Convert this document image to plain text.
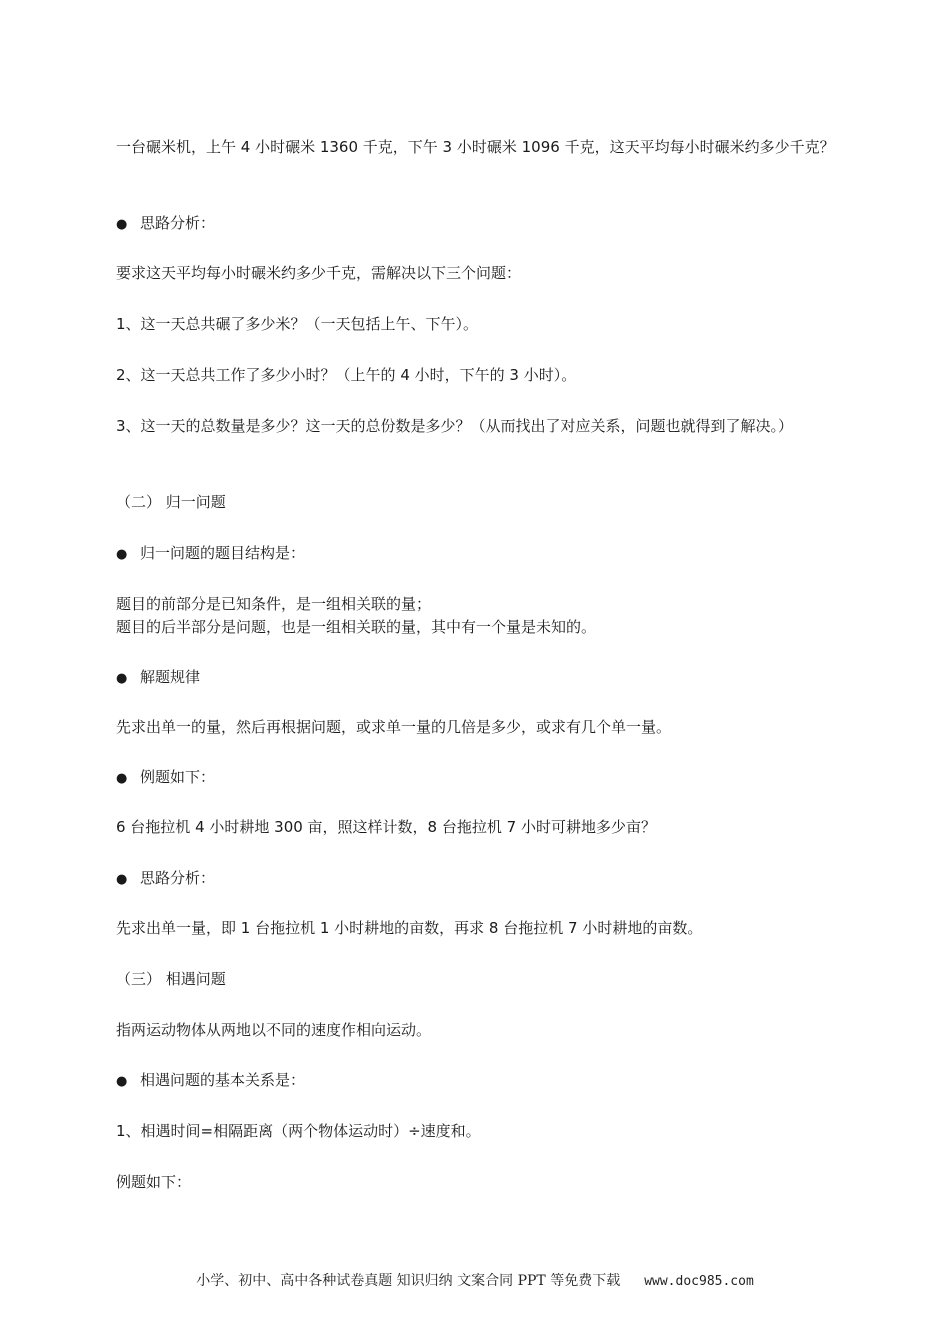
一台碾米机，上午 4 小时碾米 1360 千克，下午 3 小时碾米 1096 千克，这天平均每小时碾米约多少千克？

● 思路分析：

要求这天平均每小时碾米约多少千克，需解决以下三个问题：

1、这一天总共碾了多少米？（一天包括上午、下午）。

2、这一天总共工作了多少小时？（上午的 4 小时，下午的 3 小时）。

3、这一天的总数量是多少？这一天的总份数是多少？（从而找出了对应关系，问题也就得到了解决。）

（二） 归一问题

● 归一问题的题目结构是：

题目的前部分是已知条件，是一组相关联的量；

题目的后半部分是问题，也是一组相关联的量，其中有一个量是未知的。

● 解题规律

先求出单一的量，然后再根据问题，或求单一量的几倍是多少，或求有几个单一量。

● 例题如下：

6 台拖拉机 4 小时耕地 300 亩，照这样计数，8 台拖拉机 7 小时可耕地多少亩？

● 思路分析：

先求出单一量，即 1 台拖拉机 1 小时耕地的亩数，再求 8 台拖拉机 7 小时耕地的亩数。

（三） 相遇问题

指两运动物体从两地以不同的速度作相向运动。

● 相遇问题的基本关系是：

1、相遇时间=相隔距离（两个物体运动时）÷速度和。

例题如下：

小学、初中、高中各种试卷真题 知识归纳 文案合同 PPT 等免费下载 www.doc985.com
